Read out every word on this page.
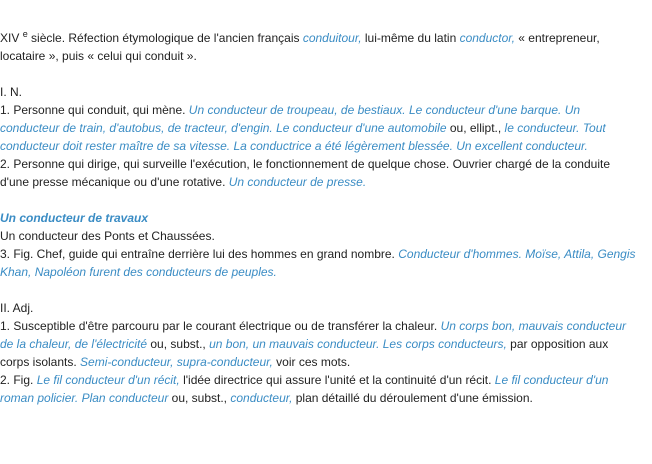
XIV $^e$ siècle. Réfection étymologique de l'ancien français conduitour, lui-même du latin conductor, « entrepreneur,
locataire », puis « celui qui conduit ».
I. N.
1. Personne qui conduit, qui mène. Un conducteur de troupeau, de bestiaux. Le conducteur d'une barque. Un
conducteur de train, d'autobus, de tracteur, d'engin. Le conducteur d'une automobile ou, ellipt., le conducteur. Tout
conducteur doit rester maître de sa vitesse. La conductrice a été légèrement blessée. Un excellent conducteur.
2. Personne qui dirige, qui surveille l'exécution, le fonctionnement de quelque chose. Ouvrier chargé de la conduite
d'une presse mécanique ou d'une rotative. Un conducteur de presse.
Un conducteur de travaux
Un conducteur des Ponts et Chaussées.
3. Fig. Chef, guide qui entraîne derrière lui des hommes en grand nombre. Conducteur d'hommes. Moïse, Attila, Gengis
Khan, Napoléon furent des conducteurs de peuples.
II. Adj.
1. Susceptible d'être parcouru par le courant électrique ou de transférer la chaleur. Un corps bon, mauvais conducteur
de la chaleur, de l'électricité ou, subst., un bon, un mauvais conducteur. Les corps conducteurs, par opposition aux
corps isolants. Semi-conducteur, supra-conducteur, voir ces mots.
2. Fig. Le fil conducteur d'un récit, l'idée directrice qui assure l'unité et la continuité d'un récit. Le fil conducteur d'un
roman policier. Plan conducteur ou, subst., conducteur, plan détaillé du déroulement d'une émission.
